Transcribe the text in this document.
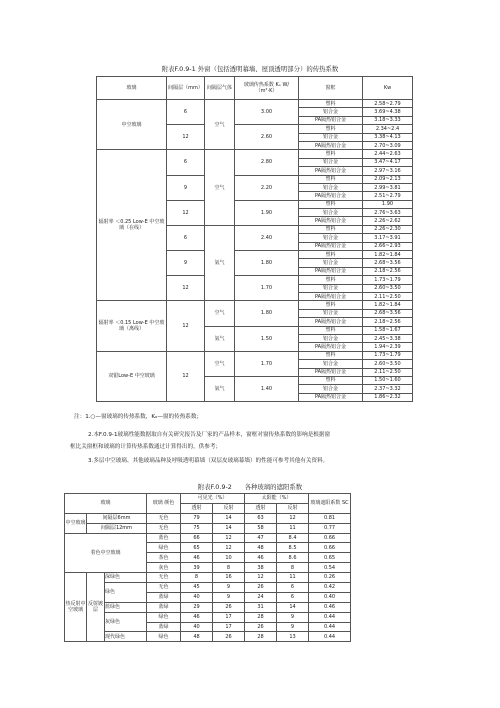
附表F.0.9-1 外窗（包括透明幕墙、屋顶透明部分）的传热系数
玻璃	间隔层（mm）	间隔层气体	玻璃传热系数 Kₒ W/（m²·K）	窗框	Kw
中空玻璃	6	空气	3.00	塑料	2.58~2.79
				铝合金	3.69~4.38
				PA隔热铝合金	3.18~3.33
	12		2.60	塑料	2.34~2.4
				铝合金	3.38~4.13
				PA隔热铝合金	2.70~3.09
辐射率 ＜0.25 Low-E 中空玻璃（在线）	6	空气	2.80	塑料	2.44~2.63
				铝合金	3.47~4.17
				PA隔热铝合金	2.97~3.16
	9		2.20	塑料	2.09~2.13
				铝合金	2.99~3.81
				PA隔热铝合金	2.51~2.79
	12		1.90	塑料	1.90
				铝合金	2.76~3.63
				PA隔热铝合金	2.26~2.62
	6	氩气	2.40	塑料	2.26~2.30
				铝合金	3.17~3.91
				PA隔热铝合金	2.66~2.93
	9		1.80	塑料	1.82~1.84
				铝合金	2.68~3.56
				PA隔热铝合金	2.18~2.56
	12		1.70	塑料	1.73~1.79
				铝合金	2.60~3.50
				PA隔热铝合金	2.11~2.50
辐射率 ＜0.15 Low-E 中空玻璃（离线）	12	空气	1.80	塑料	1.82~1.84
				铝合金	2.68~3.56
				PA隔热铝合金	2.18~2.56
		氩气	1.50	塑料	1.58~1.67
				铝合金	2.45~3.38
				PA隔热铝合金	1.94~2.39
双银Low-E 中空玻璃	12	空气	1.70	塑料	1.73~1.79
				铝合金	2.60~3.50
				PA隔热铝合金	2.11~2.50
		氩气	1.40	塑料	1.50~1.60
				铝合金	2.37~3.32
				PA隔热铝合金	1.86~2.32
注：1.○—窗玻璃的传热系数，Kₒ—窗的传热系数；
2.本F.0.9-1玻璃性能数据取自有关研究报告及厂家的产品样本，窗框对窗传热系数的影响是根据窗
框比关窗框和玻璃的计算传热系数通过计算得出的，供参考；
3.多层中空玻璃、其他玻璃品种及呼吸透明幕墙（双层皮玻璃幕墙）的性能可参考其他有关资料。
附表F.0.9-2　　各种玻璃的遮阳系数
玻璃			玻璃 颜色	可见光（%）		太阳能（%）		玻璃遮阳系数 SC
				透射	反射	透射	反射	
中空玻璃	间隔层6mm		无色	79	14	63	12	0.81
	间隔层12mm		无色	75	14	58	11	0.77
着色中空玻璃			蓝色	66	12	47	8.4	0.66
			绿色	65	12	48	8.5	0.66
			茶色	46	10	46	8.6	0.65
			灰色	39	8	38	8	0.54
热反射中空玻璃	反射镀层	深绿色	无色	8	16	12	11	0.26
		绿色	无色	45	9	26	6	0.42
			蓝绿	40	9	24	6	0.40
		蓝绿色	蓝绿	29	26	31	14	0.46
		灰绿色	绿色	46	17	28	9	0.44
			蓝绿	40	17	26	9	0.44
		现代绿色	绿色	48	26	28	13	0.44
